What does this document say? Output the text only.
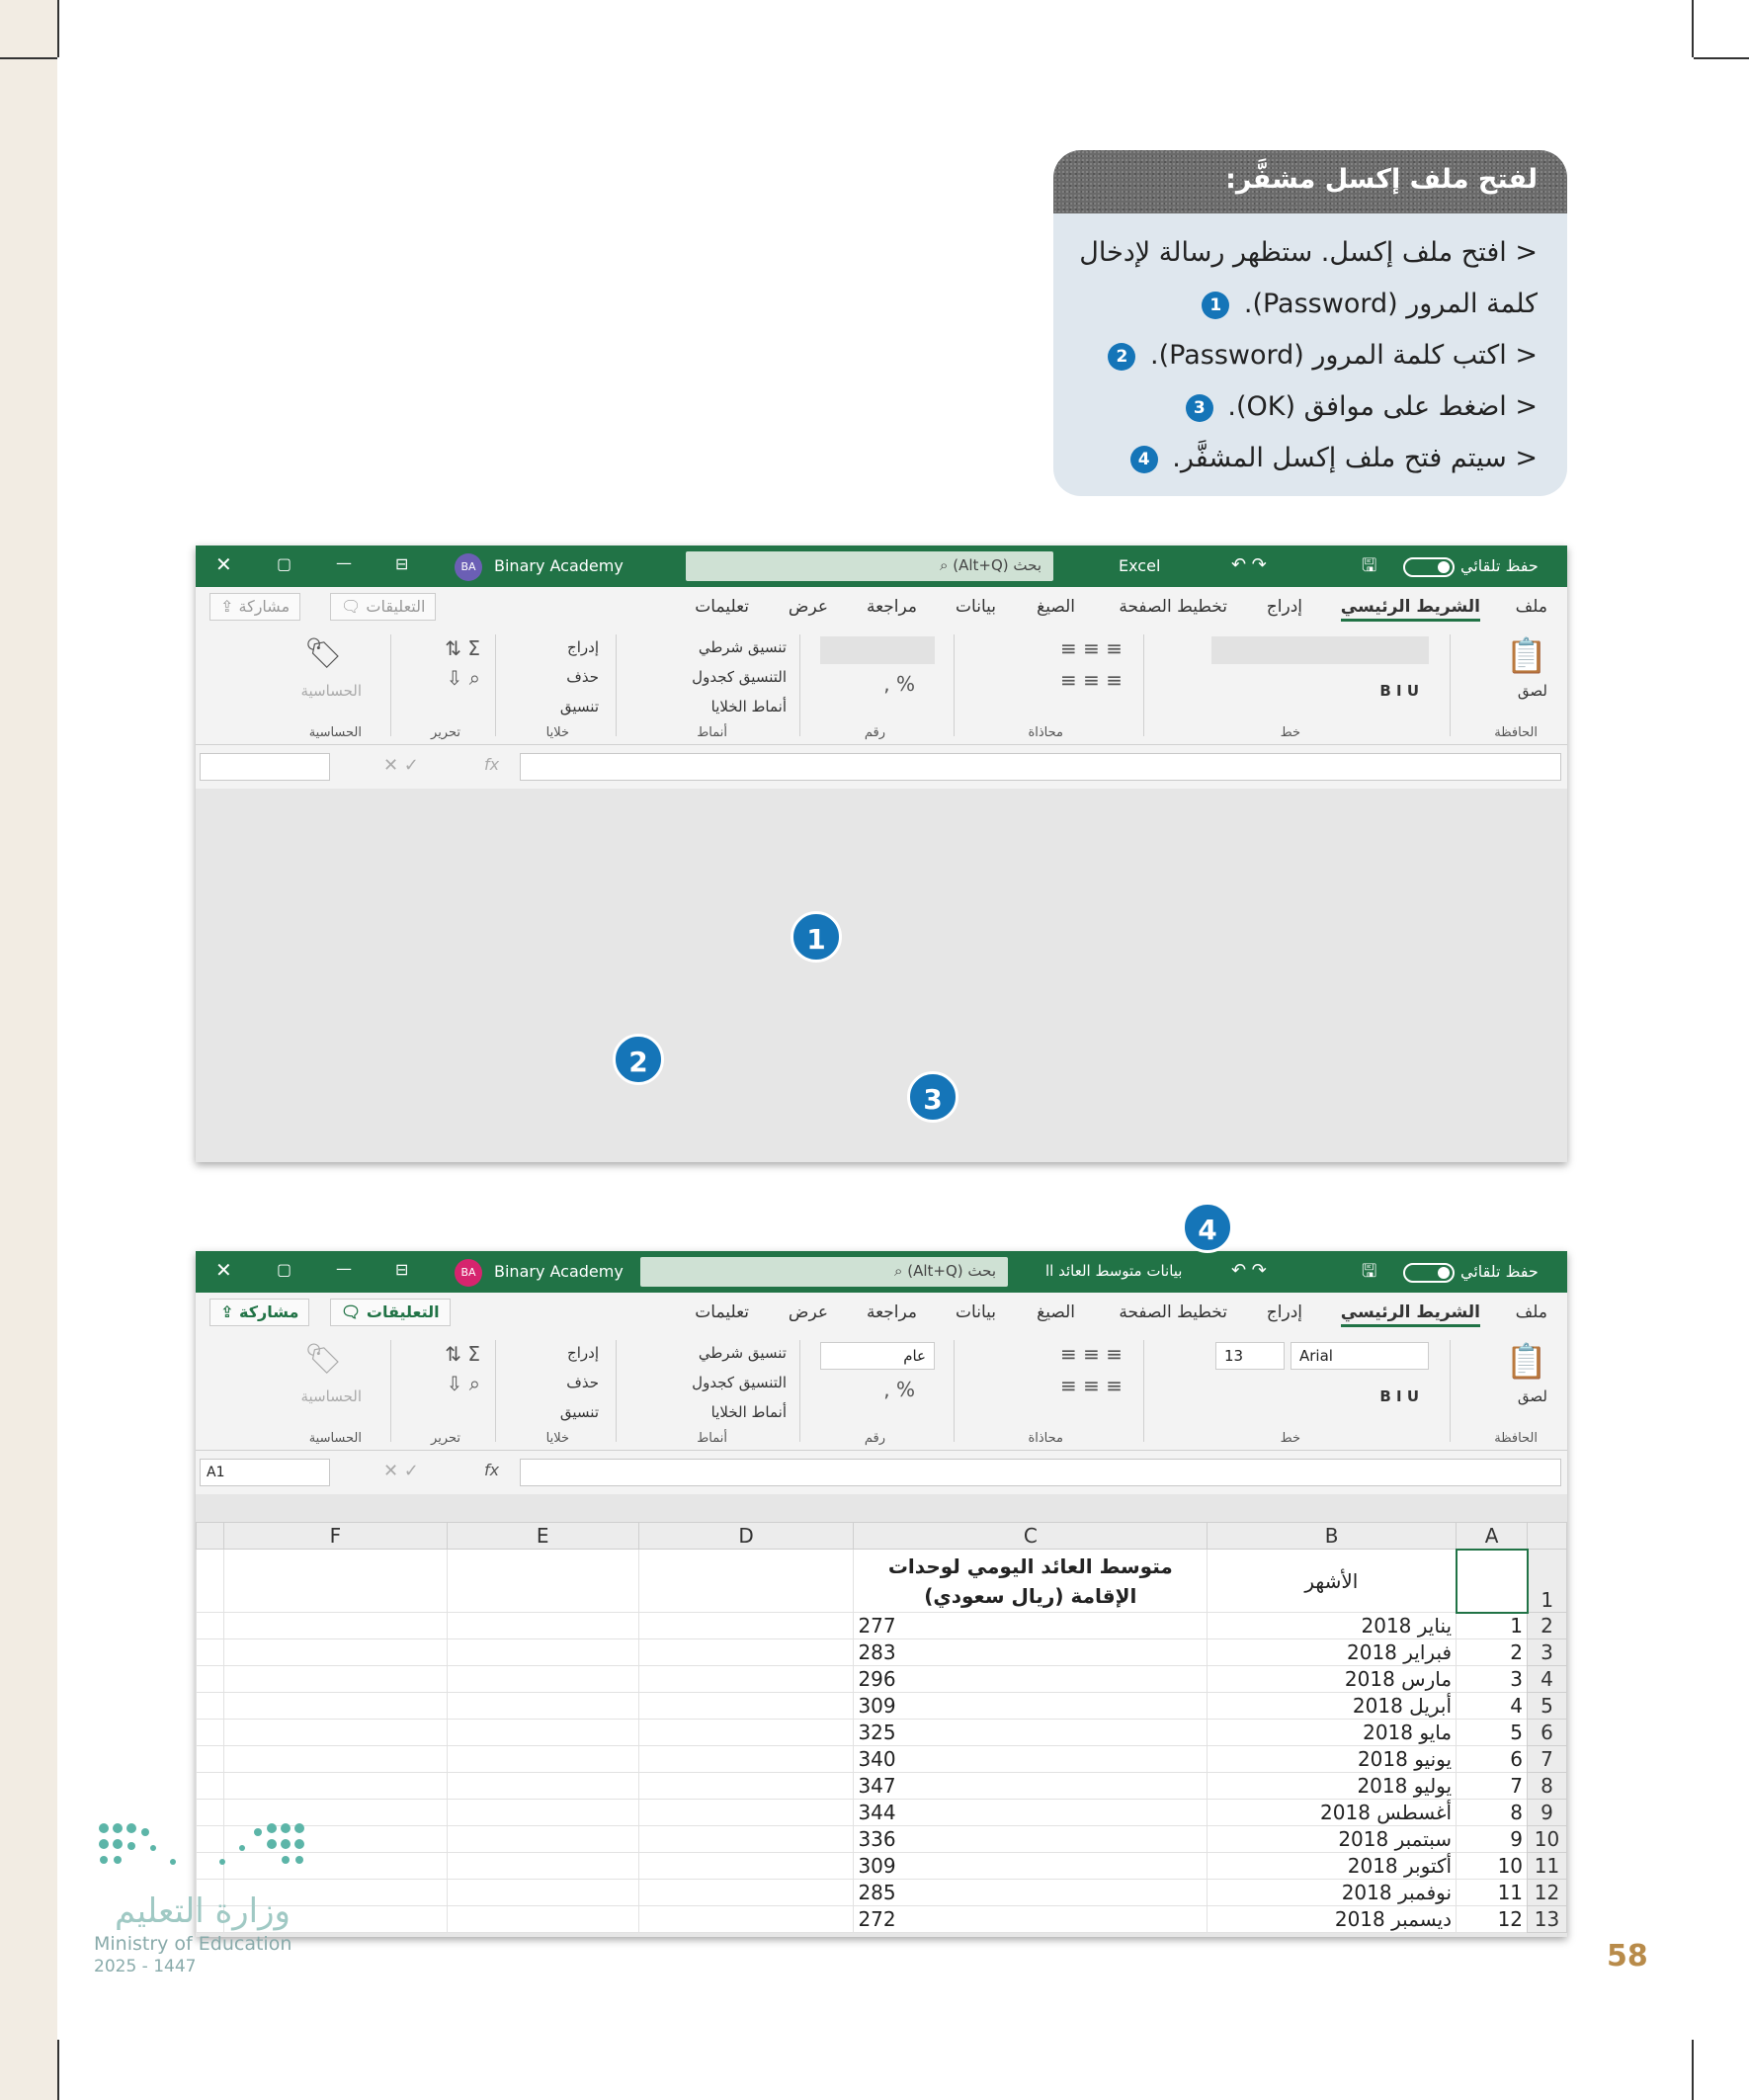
لفتح ملف إكسل مشفَّر:
< افتح ملف إكسل. ستظهر رسالة لإدخال كلمة المرور (Password). 1
< اكتب كلمة المرور (Password). 2
< اضغط على موافق (OK). 3
< سيتم فتح ملف إكسل المشفَّر. 4
✕	▢	—	⊟	BA	Binary Academy	بحث (Alt+Q) ⌕	Excel	↶ ↷	🖫	حفظ تلقائي
ملف
الشريط الرئيسي
إدراج
تخطيط الصفحة
الصيغ
بيانات
مراجعة
عرض
تعليمات
التعليقات 🗨
مشاركة ⇪
📋
لصق
الحافظة
B I U
خط
≡ ≡ ≡
≡ ≡ ≡
محاذاة
% ,
رقم
تنسيق شرطي
التنسيق كجدول
أنماط الخلايا
أنماط
إدراج
حذف
تنسيق
خلايا
Σ ⇅
⌕ ⇩
تحرير
🏷
الحساسية
الحساسية
✕ ✓	fx
1
2
3
✕	▢	—	⊟	BA	Binary Academy	بحث (Alt+Q) ⌕	بيانات متوسط العائد اا	↶ ↷	🖫	حفظ تلقائي
ملف
الشريط الرئيسي
إدراج
تخطيط الصفحة
الصيغ
بيانات
مراجعة
عرض
تعليمات
التعليقات 🗨
مشاركة ⇪
📋
لصق
الحافظة
Arial
13
B I U
خط
≡ ≡ ≡
≡ ≡ ≡
محاذاة
عام
% ,
رقم
تنسيق شرطي
التنسيق كجدول
أنماط الخلايا
أنماط
إدراج
حذف
تنسيق
خلايا
Σ ⇅
⌕ ⇩
تحرير
🏷
الحساسية
الحساسية
A1	✕ ✓	fx
	A	B	C	D	E	F	
1		الأشهر	متوسط العائد اليومي لوحدات الإقامة (ريال سعودي)				
2	1	يناير 2018	277				
3	2	فبراير 2018	283				
4	3	مارس 2018	296				
5	4	أبريل 2018	309				
6	5	مايو 2018	325				
7	6	يونيو 2018	340				
8	7	يوليو 2018	347				
9	8	أغسطس 2018	344				
10	9	سبتمبر 2018	336				
11	10	أكتوبر 2018	309				
12	11	نوفمبر 2018	285				
13	12	ديسمبر 2018	272				
4
وزارة التعليم
Ministry of Education
2025 - 1447	58
